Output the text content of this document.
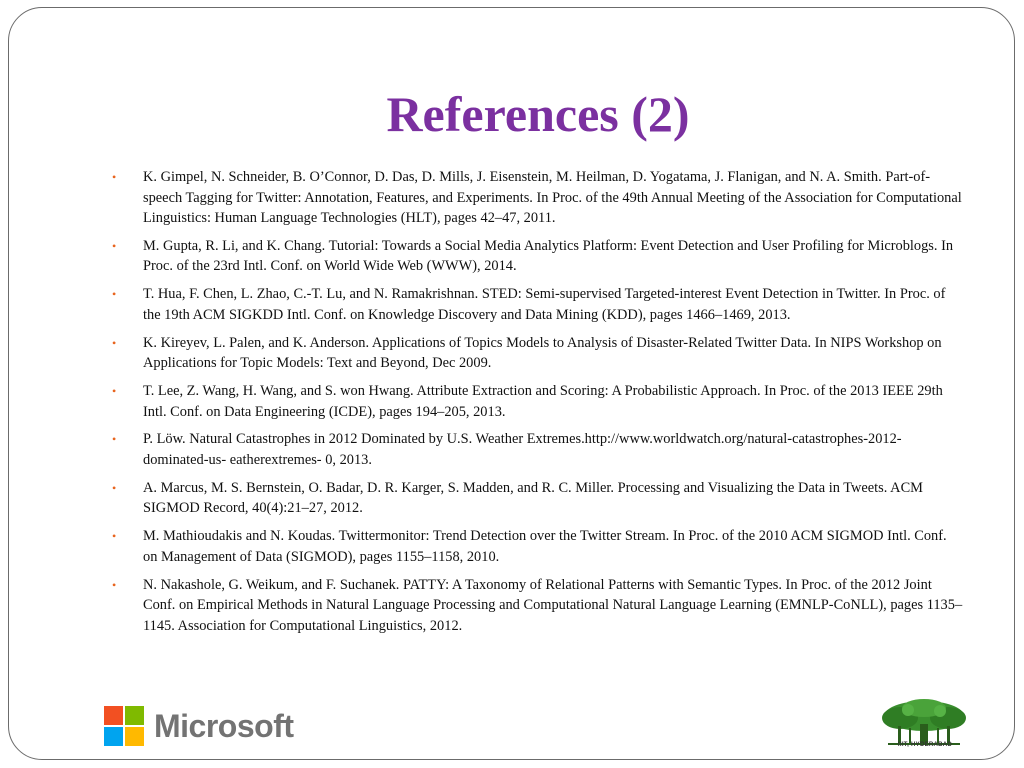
References (2)
• K. Gimpel, N. Schneider, B. O’Connor, D. Das, D. Mills, J. Eisenstein, M. Heilman, D. Yogatama, J. Flanigan, and N. A. Smith. Part-of-speech Tagging for Twitter: Annotation, Features, and Experiments. In Proc. of the 49th Annual Meeting of the Association for Computational Linguistics: Human Language Technologies (HLT), pages 42–47, 2011.
• M. Gupta, R. Li, and K. Chang. Tutorial: Towards a Social Media Analytics Platform: Event Detection and User Profiling for Microblogs. In Proc. of the 23rd Intl. Conf. on World Wide Web (WWW), 2014.
• T. Hua, F. Chen, L. Zhao, C.-T. Lu, and N. Ramakrishnan. STED: Semi-supervised Targeted-interest Event Detection in Twitter. In Proc. of the 19th ACM SIGKDD Intl. Conf. on Knowledge Discovery and Data Mining (KDD), pages 1466–1469, 2013.
• K. Kireyev, L. Palen, and K. Anderson. Applications of Topics Models to Analysis of Disaster-Related Twitter Data. In NIPS Workshop on Applications for Topic Models: Text and Beyond, Dec 2009.
• T. Lee, Z. Wang, H. Wang, and S. won Hwang. Attribute Extraction and Scoring: A Probabilistic Approach. In Proc. of the 2013 IEEE 29th Intl. Conf. on Data Engineering (ICDE), pages 194–205, 2013.
• P. Löw. Natural Catastrophes in 2012 Dominated by U.S. Weather Extremes.http://www.worldwatch.org/natural-catastrophes-2012-dominated-us- eatherextremes- 0, 2013.
• A. Marcus, M. S. Bernstein, O. Badar, D. R. Karger, S. Madden, and R. C. Miller. Processing and Visualizing the Data in Tweets. ACM SIGMOD Record, 40(4):21–27, 2012.
• M. Mathioudakis and N. Koudas. Twittermonitor: Trend Detection over the Twitter Stream. In Proc. of the 2010 ACM SIGMOD Intl. Conf. on Management of Data (SIGMOD), pages 1155–1158, 2010.
• N. Nakashole, G. Weikum, and F. Suchanek. PATTY: A Taxonomy of Relational Patterns with Semantic Types. In Proc. of the 2012 Joint Conf. on Empirical Methods in Natural Language Processing and Computational Natural Language Learning (EMNLP-CoNLL), pages 1135–1145. Association for Computational Linguistics, 2012.
Microsoft
IIIT, HYDERABAD
